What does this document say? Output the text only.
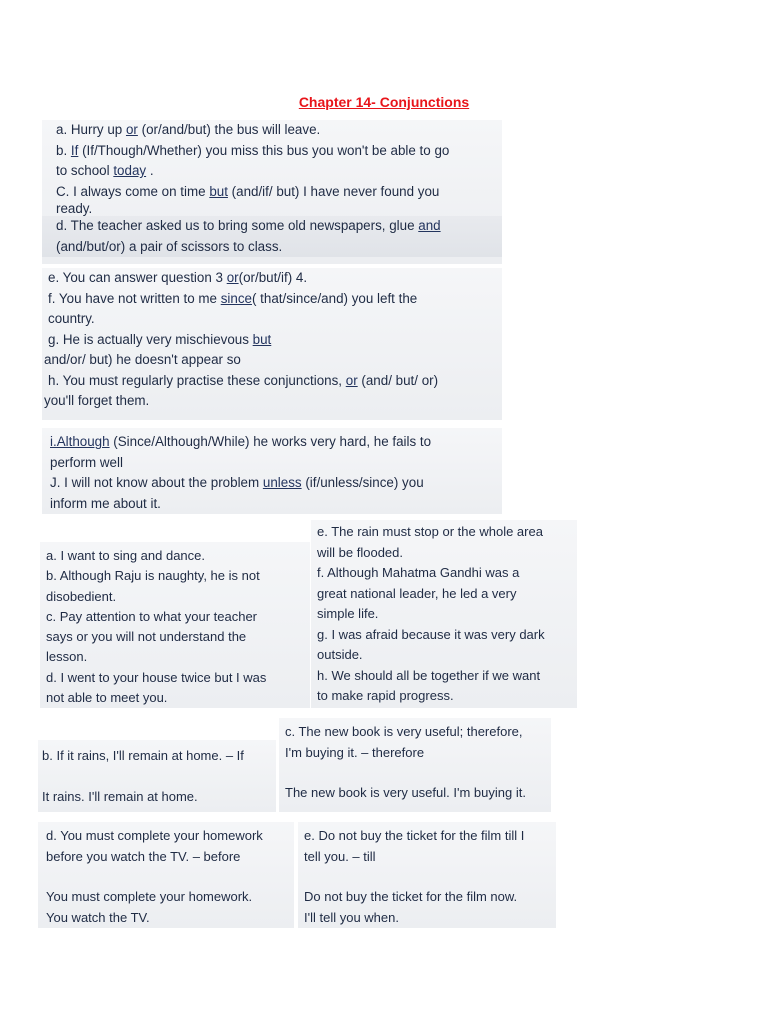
Chapter 14- Conjunctions

a. Hurry up or (or/and/but) the bus will leave.

b. If (If/Though/Whether) you miss this bus you won't be able to go

to school today .

C. I always come on time but (and/if/ but) I have never found you

ready.

d. The teacher asked us to bring some old newspapers, glue and

(and/but/or) a pair of scissors to class.

e. You can answer question 3 or(or/but/if) 4.

f. You have not written to me since( that/since/and) you left the

country.

g. He is actually very mischievous but

and/or/ but) he doesn't appear so

h. You must regularly practise these conjunctions, or (and/ but/ or)

you'll forget them.

i.Although (Since/Although/While) he works very hard, he fails to

perform well

J. I will not know about the problem unless (if/unless/since) you

inform me about it.

a. I want to sing and dance.

b. Although Raju is naughty, he is not

disobedient.

c. Pay attention to what your teacher

says or you will not understand the

lesson.

d. I went to your house twice but I was

not able to meet you.

e. The rain must stop or the whole area

will be flooded.

f. Although Mahatma Gandhi was a

great national leader, he led a very

simple life.

g. I was afraid because it was very dark

outside.

h. We should all be together if we want

to make rapid progress.

b. If it rains, I'll remain at home. – If

It rains. I'll remain at home.

c. The new book is very useful; therefore,

I'm buying it. – therefore

The new book is very useful. I'm buying it.

d. You must complete your homework

before you watch the TV. – before

You must complete your homework.

You watch the TV.

e. Do not buy the ticket for the film till I

tell you. – till

Do not buy the ticket for the film now.

I'll tell you when.
